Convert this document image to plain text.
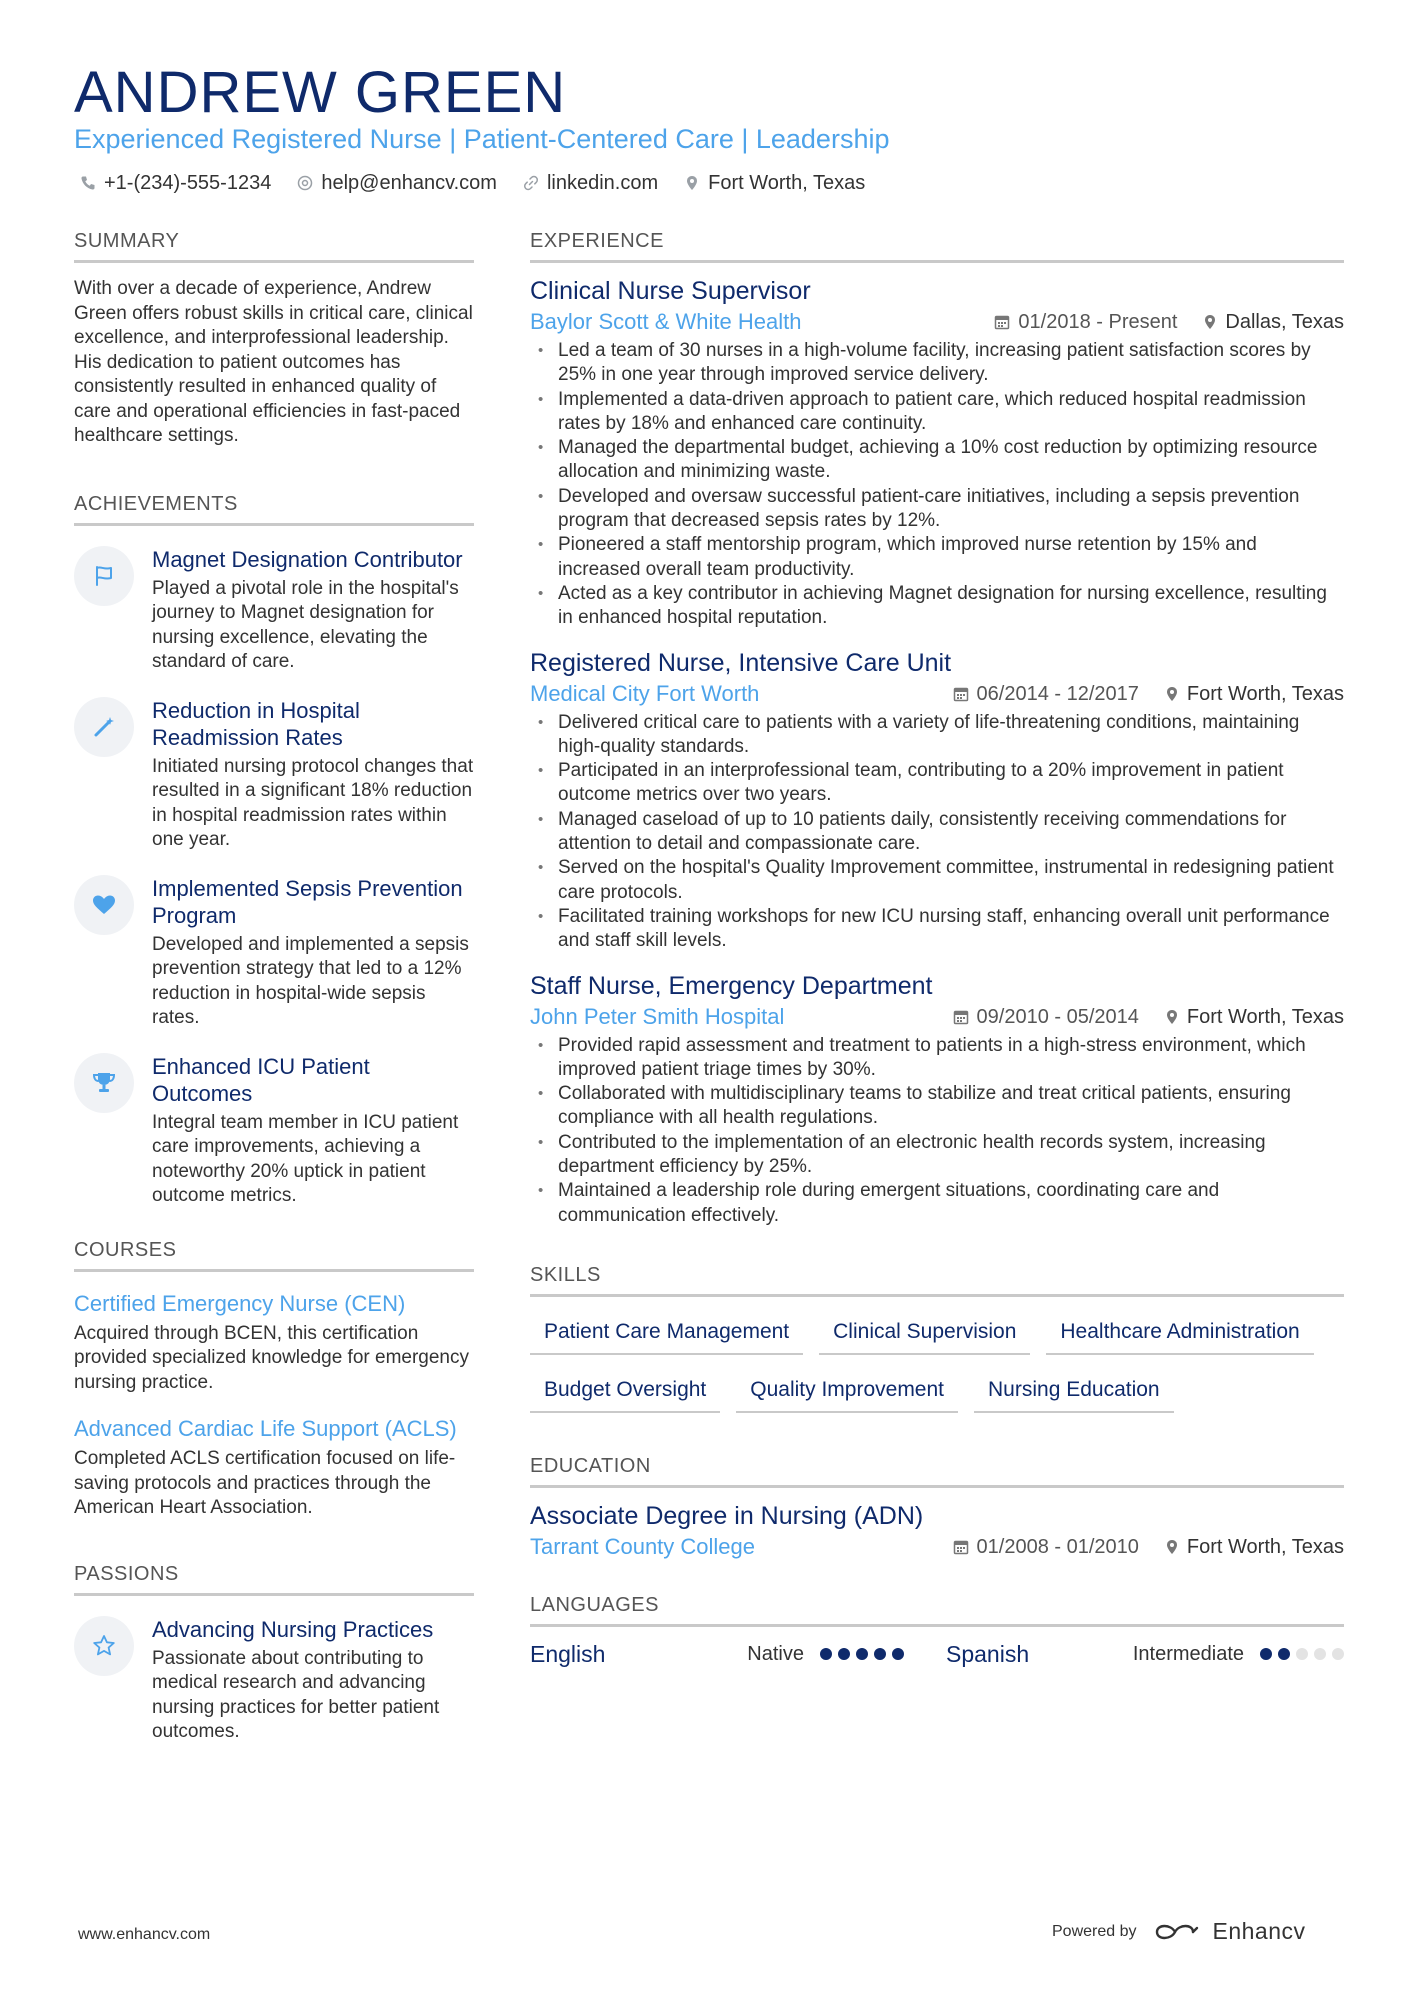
ANDREW GREEN
Experienced Registered Nurse | Patient-Centered Care | Leadership
+1-(234)-555-1234	help@enhancv.com	linkedin.com	Fort Worth, Texas
SUMMARY
With over a decade of experience, Andrew Green offers robust skills in critical care, clinical excellence, and interprofessional leadership. His dedication to patient outcomes has consistently resulted in enhanced quality of care and operational efficiencies in fast-paced healthcare settings.
ACHIEVEMENTS
Magnet Designation Contributor
Played a pivotal role in the hospital's journey to Magnet designation for nursing excellence, elevating the standard of care.
Reduction in Hospital Readmission Rates
Initiated nursing protocol changes that resulted in a significant 18% reduction in hospital readmission rates within one year.
Implemented Sepsis Prevention Program
Developed and implemented a sepsis prevention strategy that led to a 12% reduction in hospital-wide sepsis rates.
Enhanced ICU Patient Outcomes
Integral team member in ICU patient care improvements, achieving a noteworthy 20% uptick in patient outcome metrics.
COURSES
Certified Emergency Nurse (CEN)
Acquired through BCEN, this certification provided specialized knowledge for emergency nursing practice.
Advanced Cardiac Life Support (ACLS)
Completed ACLS certification focused on life-saving protocols and practices through the American Heart Association.
PASSIONS
Advancing Nursing Practices
Passionate about contributing to medical research and advancing nursing practices for better patient outcomes.
EXPERIENCE
Clinical Nurse Supervisor
Baylor Scott & White Health	01/2018 - Present Dallas, Texas
• Led a team of 30 nurses in a high-volume facility, increasing patient satisfaction scores by 25% in one year through improved service delivery.
• Implemented a data-driven approach to patient care, which reduced hospital readmission rates by 18% and enhanced care continuity.
• Managed the departmental budget, achieving a 10% cost reduction by optimizing resource allocation and minimizing waste.
• Developed and oversaw successful patient-care initiatives, including a sepsis prevention program that decreased sepsis rates by 12%.
• Pioneered a staff mentorship program, which improved nurse retention by 15% and increased overall team productivity.
• Acted as a key contributor in achieving Magnet designation for nursing excellence, resulting in enhanced hospital reputation.
Registered Nurse, Intensive Care Unit
Medical City Fort Worth	06/2014 - 12/2017 Fort Worth, Texas
• Delivered critical care to patients with a variety of life-threatening conditions, maintaining high-quality standards.
• Participated in an interprofessional team, contributing to a 20% improvement in patient outcome metrics over two years.
• Managed caseload of up to 10 patients daily, consistently receiving commendations for attention to detail and compassionate care.
• Served on the hospital's Quality Improvement committee, instrumental in redesigning patient care protocols.
• Facilitated training workshops for new ICU nursing staff, enhancing overall unit performance and staff skill levels.
Staff Nurse, Emergency Department
John Peter Smith Hospital	09/2010 - 05/2014 Fort Worth, Texas
• Provided rapid assessment and treatment to patients in a high-stress environment, which improved patient triage times by 30%.
• Collaborated with multidisciplinary teams to stabilize and treat critical patients, ensuring compliance with all health regulations.
• Contributed to the implementation of an electronic health records system, increasing department efficiency by 25%.
• Maintained a leadership role during emergent situations, coordinating care and communication effectively.
SKILLS
Patient Care Management	Clinical Supervision	Healthcare Administration
Budget Oversight	Quality Improvement	Nursing Education
EDUCATION
Associate Degree in Nursing (ADN)
Tarrant County College	01/2008 - 01/2010 Fort Worth, Texas
LANGUAGES
English	Native	Spanish	Intermediate
www.enhancv.com	Powered by	Enhancv
